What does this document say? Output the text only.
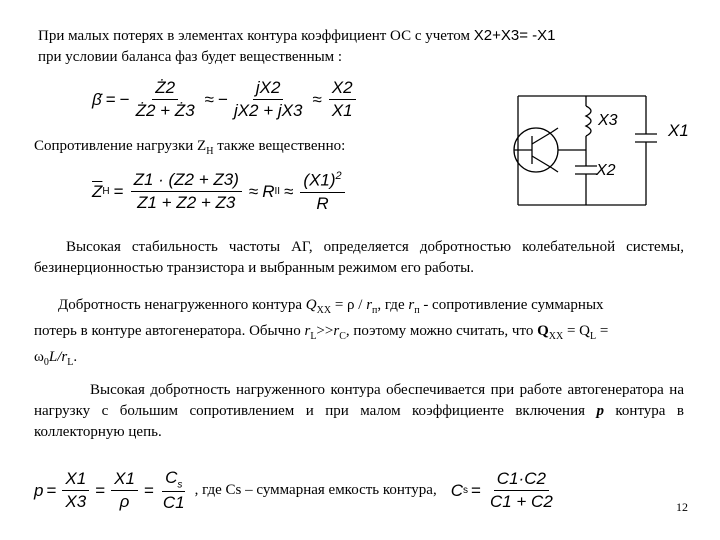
При малых потерях в элементах контура коэффициент ОС с учетом X2+X3= -X1
при условии баланса фаз будет вещественным :
β̇ = − $\frac{Ż2}{Ż2 + Ż3}$ ≈ − $\frac{jX2}{jX2 + jX3} \approx \frac{X2}{X1}$
Сопротивление нагрузки $Z_H$ также вещественно:
$\overline{Z}$ $H = \frac{Z1 \cdot (Z2 + Z3)}{Z1 + Z2 + Z3} \approx R$ II ≈ $\frac{(X1)^2}{R}$
X3
X1
X2
Высокая стабильность частоты АГ, определяется добротностью колебательной системы, безинерционностью транзистора и выбранным режимом его работы.
Добротность ненагруженного контура $Q_{XX} = \rho / r_п$, где $r_п$ - сопротивление суммарных потерь в контуре автогенератора. Обычно $r_L>>r_C$, поэтому можно считать, что $Q_{XX} = Q_L = \omega_0L/r_L$.
Высокая добротность нагруженного контура обеспечивается при работе автогенератора на нагрузку с большим сопротивлением и при малом коэффициенте включения p контура в коллекторную цепь.
$p = \frac{X1}{X3} = \frac{X1}{\rho} = \frac{C_s}{C1}$ , где Cs – суммарная емкость контура, C $s = \frac{C1\cdot C2}{C1 + C2}$	12
